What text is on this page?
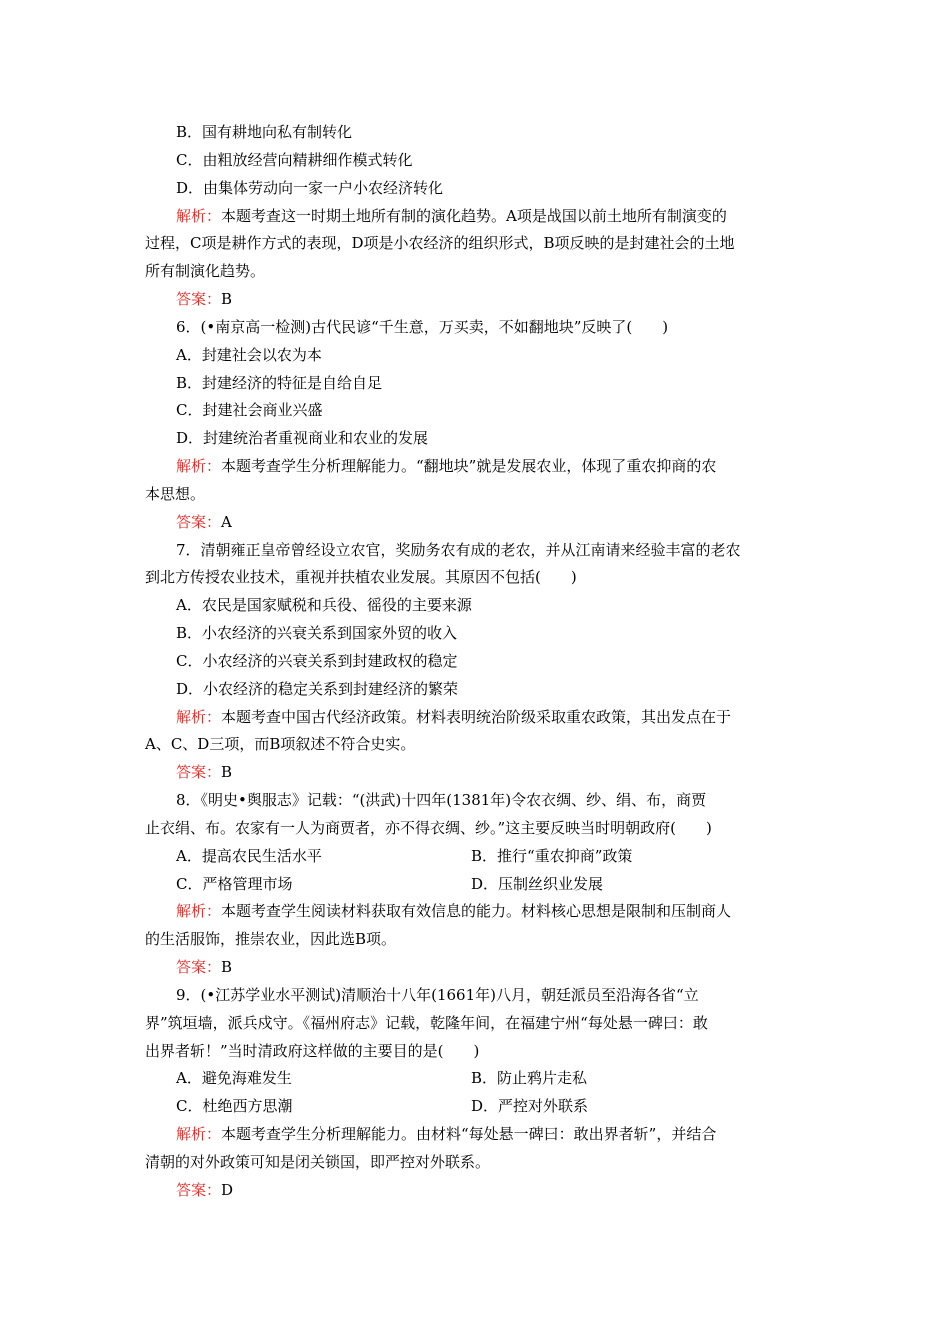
B．国有耕地向私有制转化
C．由粗放经营向精耕细作模式转化
D．由集体劳动向一家一户小农经济转化
解析：本题考查这一时期土地所有制的演化趋势。A项是战国以前土地所有制演变的
过程，C项是耕作方式的表现，D项是小农经济的组织形式，B项反映的是封建社会的土地
所有制演化趋势。
答案：B
6．(•南京高一检测)古代民谚“千生意，万买卖，不如翻地块”反映了(　　)
A．封建社会以农为本
B．封建经济的特征是自给自足
C．封建社会商业兴盛
D．封建统治者重视商业和农业的发展
解析：本题考查学生分析理解能力。“翻地块”就是发展农业，体现了重农抑商的农
本思想。
答案：A
7．清朝雍正皇帝曾经设立农官，奖励务农有成的老农，并从江南请来经验丰富的老农
到北方传授农业技术，重视并扶植农业发展。其原因不包括(　　)
A．农民是国家赋税和兵役、徭役的主要来源
B．小农经济的兴衰关系到国家外贸的收入
C．小农经济的兴衰关系到封建政权的稳定
D．小农经济的稳定关系到封建经济的繁荣
解析：本题考查中国古代经济政策。材料表明统治阶级采取重农政策，其出发点在于
A、C、D三项，而B项叙述不符合史实。
答案：B
8．《明史•舆服志》记载：“(洪武)十四年(1381年)令农衣绸、纱、绢、布，商贾
止衣绢、布。农家有一人为商贾者，亦不得衣绸、纱。”这主要反映当时明朝政府(　　)
A．提高农民生活水平	B．推行“重农抑商”政策
C．严格管理市场	D．压制丝织业发展
解析：本题考查学生阅读材料获取有效信息的能力。材料核心思想是限制和压制商人
的生活服饰，推崇农业，因此选B项。
答案：B
9．(•江苏学业水平测试)清顺治十八年(1661年)八月，朝廷派员至沿海各省“立
界”筑垣墙，派兵戍守。《福州府志》记载，乾隆年间，在福建宁州“每处悬一碑曰：敢
出界者斩！”当时清政府这样做的主要目的是(　　)
A．避免海难发生	B．防止鸦片走私
C．杜绝西方思潮	D．严控对外联系
解析：本题考查学生分析理解能力。由材料“每处悬一碑曰：敢出界者斩”，并结合
清朝的对外政策可知是闭关锁国，即严控对外联系。
答案：D
